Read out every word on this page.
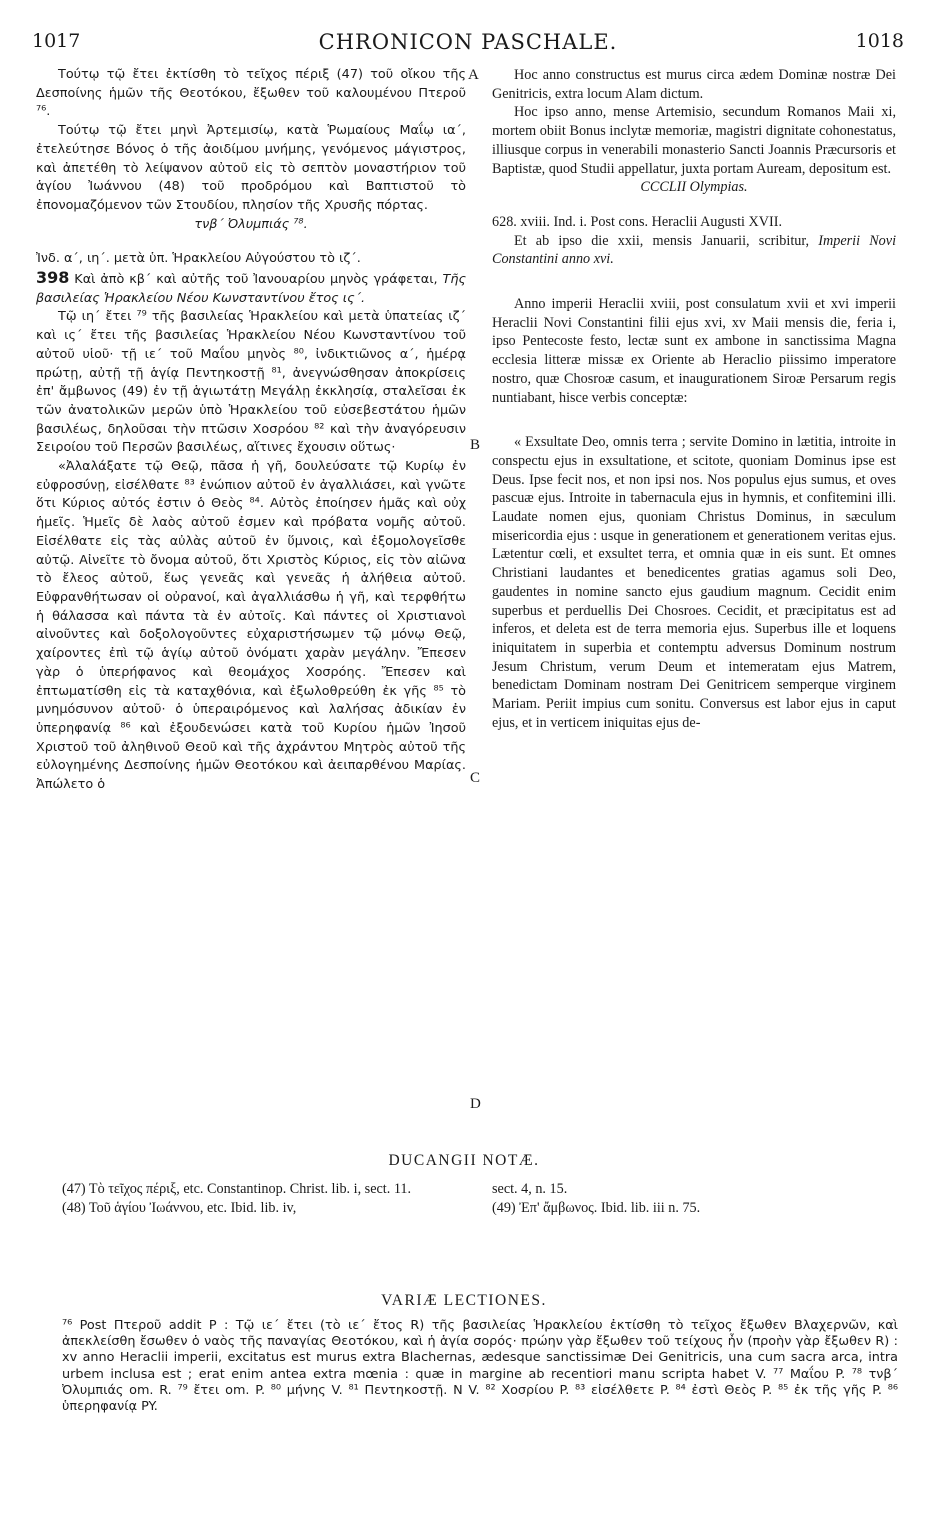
1017	CHRONICON PASCHALE.	1018

Τούτῳ τῷ ἔτει ἐκτίσθη τὸ τεῖχος πέριξ (47) τοῦ οἴκου τῆς Δεσποίνης ἡμῶν τῆς Θεοτόκου, ἔξωθεν τοῦ καλουμένου Πτεροῦ ⁷⁶.

Τούτῳ τῷ ἔτει μηνὶ Ἀρτεμισίῳ, κατὰ Ῥωμαίους Μαΐῳ ια΄, ἐτελεύτησε Βόνος ὁ τῆς ἀοιδίμου μνήμης, γενόμενος μάγιστρος, καὶ ἀπετέθη τὸ λείψανον αὐτοῦ εἰς τὸ σεπτὸν μοναστήριον τοῦ ἁγίου Ἰωάννου (48) τοῦ προδρόμου καὶ Βαπτιστοῦ τὸ ἐπονομαζόμενον τῶν Στουδίου, πλησίον τῆς Χρυσῆς πόρτας.

τνβ΄ Ὀλυμπιάς ⁷⁸.

Ἰνδ. α΄, ιη΄. μετὰ ὑπ. Ἡρακλείου Αὐγούστου τὸ ιζ΄.

398 Καὶ ἀπὸ κβ΄ καὶ αὐτῆς τοῦ Ἰανουαρίου μηνὸς γράφεται, Τῆς βασιλείας Ἡρακλείου Νέου Κωνσταντίνου ἔτος ις΄.

Τῷ ιη΄ ἔτει ⁷⁹ τῆς βασιλείας Ἡρακλείου καὶ μετὰ ὑπατείας ιζ΄ καὶ ις΄ ἔτει τῆς βασιλείας Ἡρακλείου Νέου Κωνσταντίνου τοῦ αὐτοῦ υἱοῦ· τῇ ιε΄ τοῦ Μαΐου μηνὸς ⁸⁰, ἰνδικτιῶνος α΄, ἡμέρᾳ πρώτῃ, αὐτῇ τῇ ἁγίᾳ Πεντηκοστῇ ⁸¹, ἀνεγνώσθησαν ἀποκρίσεις ἐπ' ἄμβωνος (49) ἐν τῇ ἁγιωτάτῃ Μεγάλῃ ἐκκλησίᾳ, σταλεῖσαι ἐκ τῶν ἀνατολικῶν μερῶν ὑπὸ Ἡρακλείου τοῦ εὐσεβεστάτου ἡμῶν βασιλέως, δηλοῦσαι τὴν πτῶσιν Χοσρόου ⁸² καὶ τὴν ἀναγόρευσιν Σειροίου τοῦ Περσῶν βασιλέως, αἵτινες ἔχουσιν οὕτως·

«Ἀλαλάξατε τῷ Θεῷ, πᾶσα ἡ γῆ, δουλεύσατε τῷ Κυρίῳ ἐν εὐφροσύνῃ, εἰσέλθατε ⁸³ ἐνώπιον αὐτοῦ ἐν ἀγαλλιάσει, καὶ γνῶτε ὅτι Κύριος αὐτός ἐστιν ὁ Θεὸς ⁸⁴. Αὐτὸς ἐποίησεν ἡμᾶς καὶ οὐχ ἡμεῖς. Ἡμεῖς δὲ λαὸς αὐτοῦ ἐσμεν καὶ πρόβατα νομῆς αὐτοῦ. Εἰσέλθατε εἰς τὰς αὐλὰς αὐτοῦ ἐν ὕμνοις, καὶ ἐξομολογεῖσθε αὐτῷ. Αἰνεῖτε τὸ ὄνομα αὐτοῦ, ὅτι Χριστὸς Κύριος, εἰς τὸν αἰῶνα τὸ ἔλεος αὐτοῦ, ἕως γενεᾶς καὶ γενεᾶς ἡ ἀλήθεια αὐτοῦ. Εὐφρανθήτωσαν οἱ οὐρανοί, καὶ ἀγαλλιάσθω ἡ γῆ, καὶ τερφθήτω ἡ θάλασσα καὶ πάντα τὰ ἐν αὐτοῖς. Καὶ πάντες οἱ Χριστιανοὶ αἰνοῦντες καὶ δοξολογοῦντες εὐχαριστήσωμεν τῷ μόνῳ Θεῷ, χαίροντες ἐπὶ τῷ ἁγίῳ αὐτοῦ ὀνόματι χαρὰν μεγάλην. Ἔπεσεν γὰρ ὁ ὑπερήφανος καὶ θεομάχος Χοσρόης. Ἔπεσεν καὶ ἐπτωματίσθη εἰς τὰ καταχθόνια, καὶ ἐξωλοθρεύθη ἐκ γῆς ⁸⁵ τὸ μνημόσυνον αὐτοῦ· ὁ ὑπεραιρόμενος καὶ λαλήσας ἀδικίαν ἐν ὑπερηφανίᾳ ⁸⁶ καὶ ἐξουδενώσει κατὰ τοῦ Κυρίου ἡμῶν Ἰησοῦ Χριστοῦ τοῦ ἀληθινοῦ Θεοῦ καὶ τῆς ἀχράντου Μητρὸς αὐτοῦ τῆς εὐλογημένης Δεσποίνης ἡμῶν Θεοτόκου καὶ ἀειπαρθένου Μαρίας. Ἀπώλετο ὁ

Hoc anno constructus est murus circa ædem Dominæ nostræ Dei Genitricis, extra locum Alam dictum.

Hoc ipso anno, mense Artemisio, secundum Romanos Maii xi, mortem obiit Bonus inclytæ memoriæ, magistri dignitate cohonestatus, illiusque corpus in venerabili monasterio Sancti Joannis Præcursoris et Baptistæ, quod Studii appellatur, juxta portam Auream, depositum est.

CCCLII Olympias.

628. xviii. Ind. i. Post cons. Heraclii Augusti XVII.

Et ab ipso die xxii, mensis Januarii, scribitur, Imperii Novi Constantini anno xvi.

Anno imperii Heraclii xviii, post consulatum xvii et xvi imperii Heraclii Novi Constantini filii ejus xvi, xv Maii mensis die, feria i, ipso Pentecoste festo, lectæ sunt ex ambone in sanctissima Magna ecclesia litteræ missæ ex Oriente ab Heraclio piissimo imperatore nostro, quæ Chosroæ casum, et inaugurationem Siroæ Persarum regis nuntiabant, hisce verbis conceptæ:

« Exsultate Deo, omnis terra ; servite Domino in lætitia, introite in conspectu ejus in exsultatione, et scitote, quoniam Dominus ipse est Deus. Ipse fecit nos, et non ipsi nos. Nos populus ejus sumus, et oves pascuæ ejus. Introite in tabernacula ejus in hymnis, et confitemini illi. Laudate nomen ejus, quoniam Christus Dominus, in sæculum misericordia ejus : usque in generationem et generationem veritas ejus. Lætentur cœli, et exsultet terra, et omnia quæ in eis sunt. Et omnes Christiani laudantes et benedicentes gratias agamus soli Deo, gaudentes in nomine sancto ejus gaudium magnum. Cecidit enim superbus et perduellis Dei Chosroes. Cecidit, et præcipitatus est ad inferos, et deleta est de terra memoria ejus. Superbus ille et loquens iniquitatem in superbia et contemptu adversus Dominum nostrum Jesum Christum, verum Deum et intemeratam ejus Matrem, benedictam Dominam nostram Dei Genitricem semperque virginem Mariam. Periit impius cum sonitu. Conversus est labor ejus in caput ejus, et in verticem iniquitas ejus de-

A
B
C
D
DUCANGII NOTÆ.

(47) Τὸ τεῖχος πέριξ, etc. Constantinop. Christ. lib. i, sect. 11.

(48) Τοῦ ἁγίου Ἰωάννου, etc. Ibid. lib. iv,

sect. 4, n. 15.

(49) Ἐπ' ἄμβωνος. Ibid. lib. iii n. 75.

VARIÆ LECTIONES.

⁷⁶ Post Πτεροῦ addit P : Τῷ ιε΄ ἔτει (τὸ ιε΄ ἔτος R) τῆς βασιλείας Ἡρακλείου ἐκτίσθη τὸ τεῖχος ἔξωθεν Βλαχερνῶν, καὶ ἀπεκλείσθη ἔσωθεν ὁ ναὸς τῆς παναγίας Θεοτόκου, καὶ ἡ ἁγία σορός· πρώην γὰρ ἔξωθεν τοῦ τείχους ἦν (προὴν γὰρ ἔξωθεν R) : xv anno Heraclii imperii, excitatus est murus extra Blachernas, ædesque sanctissimæ Dei Genitricis, una cum sacra arca, intra urbem inclusa est ; erat enim antea extra mœnia : quæ in margine ab recentiori manu scripta habet V. ⁷⁷ Μαΐου P. ⁷⁸ τνβ΄ Ὀλυμπιάς om. R. ⁷⁹ ἔτει om. P. ⁸⁰ μήνης V. ⁸¹ Πεντηκοστῇ. N V. ⁸² Χοσρίου P. ⁸³ εἰσέλθετε P. ⁸⁴ ἐστὶ Θεὸς P. ⁸⁵ ἐκ τῆς γῆς P. ⁸⁶ ὑπερηφανίᾳ PY.
